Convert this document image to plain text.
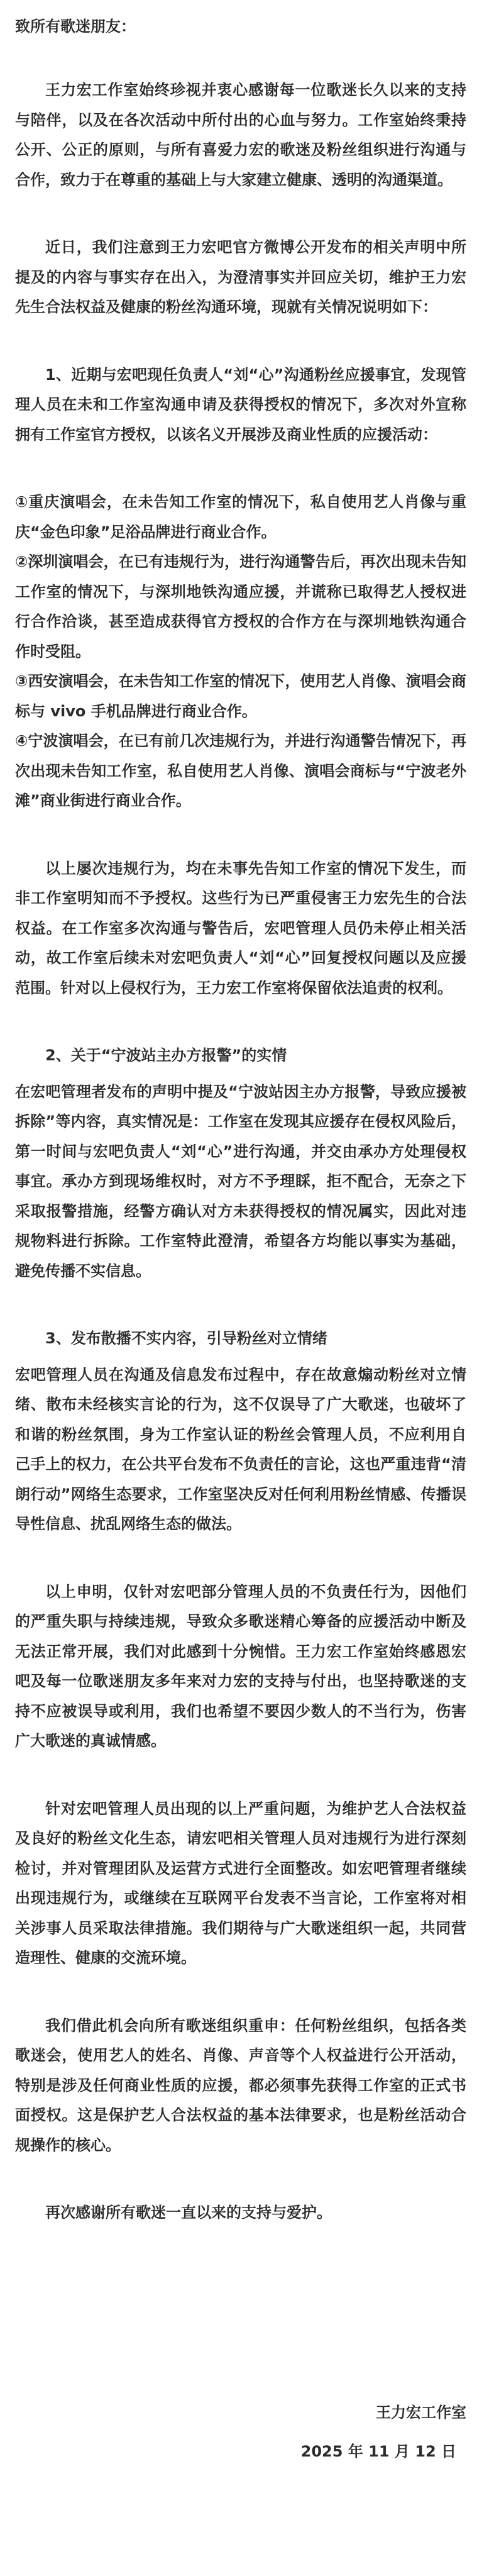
致所有歌迷朋友：
王力宏工作室始终珍视并衷心感谢每一位歌迷长久以来的支持与陪伴，以及在各次活动中所付出的心血与努力。工作室始终秉持公开、公正的原则，与所有喜爱力宏的歌迷及粉丝组织进行沟通与合作，致力于在尊重的基础上与大家建立健康、透明的沟通渠道。
近日，我们注意到王力宏吧官方微博公开发布的相关声明中所提及的内容与事实存在出入，为澄清事实并回应关切，维护王力宏先生合法权益及健康的粉丝沟通环境，现就有关情况说明如下：
1、近期与宏吧现任负责人“刘“心”沟通粉丝应援事宜，发现管理人员在未和工作室沟通申请及获得授权的情况下，多次对外宣称拥有工作室官方授权，以该名义开展涉及商业性质的应援活动：
①重庆演唱会，在未告知工作室的情况下，私自使用艺人肖像与重庆“金色印象”足浴品牌进行商业合作。
②深圳演唱会，在已有违规行为，进行沟通警告后，再次出现未告知工作室的情况下，与深圳地铁沟通应援，并谎称已取得艺人授权进行合作洽谈，甚至造成获得官方授权的合作方在与深圳地铁沟通合作时受阻。
③西安演唱会，在未告知工作室的情况下，使用艺人肖像、演唱会商标与 vivo 手机品牌进行商业合作。
④宁波演唱会，在已有前几次违规行为，并进行沟通警告情况下，再次出现未告知工作室，私自使用艺人肖像、演唱会商标与“宁波老外滩”商业街进行商业合作。
以上屡次违规行为，均在未事先告知工作室的情况下发生，而非工作室明知而不予授权。这些行为已严重侵害王力宏先生的合法权益。在工作室多次沟通与警告后，宏吧管理人员仍未停止相关活动，故工作室后续未对宏吧负责人“刘“心”回复授权问题以及应援范围。针对以上侵权行为，王力宏工作室将保留依法追责的权利。
2、关于“宁波站主办方报警”的实情
在宏吧管理者发布的声明中提及“宁波站因主办方报警，导致应援被拆除”等内容，真实情况是：工作室在发现其应援存在侵权风险后，第一时间与宏吧负责人“刘“心”进行沟通，并交由承办方处理侵权事宜。承办方到现场维权时，对方不予理睬，拒不配合，无奈之下采取报警措施，经警方确认对方未获得授权的情况属实，因此对违规物料进行拆除。工作室特此澄清，希望各方均能以事实为基础，避免传播不实信息。
3、发布散播不实内容，引导粉丝对立情绪
宏吧管理人员在沟通及信息发布过程中，存在故意煽动粉丝对立情绪、散布未经核实言论的行为，这不仅误导了广大歌迷，也破坏了和谐的粉丝氛围，身为工作室认证的粉丝会管理人员，不应利用自己手上的权力，在公共平台发布不负责任的言论，这也严重违背“清朗行动”网络生态要求，工作室坚决反对任何利用粉丝情感、传播误导性信息、扰乱网络生态的做法。
以上申明，仅针对宏吧部分管理人员的不负责任行为，因他们的严重失职与持续违规，导致众多歌迷精心筹备的应援活动中断及无法正常开展，我们对此感到十分惋惜。王力宏工作室始终感恩宏吧及每一位歌迷朋友多年来对力宏的支持与付出，也坚持歌迷的支持不应被误导或利用，我们也希望不要因少数人的不当行为，伤害广大歌迷的真诚情感。
针对宏吧管理人员出现的以上严重问题，为维护艺人合法权益及良好的粉丝文化生态，请宏吧相关管理人员对违规行为进行深刻检讨，并对管理团队及运营方式进行全面整改。如宏吧管理者继续出现违规行为，或继续在互联网平台发表不当言论，工作室将对相关涉事人员采取法律措施。我们期待与广大歌迷组织一起，共同营造理性、健康的交流环境。
我们借此机会向所有歌迷组织重申：任何粉丝组织，包括各类歌迷会，使用艺人的姓名、肖像、声音等个人权益进行公开活动，特别是涉及任何商业性质的应援，都必须事先获得工作室的正式书面授权。这是保护艺人合法权益的基本法律要求，也是粉丝活动合规操作的核心。
再次感谢所有歌迷一直以来的支持与爱护。
王力宏工作室
2025 年 11 月 12 日
